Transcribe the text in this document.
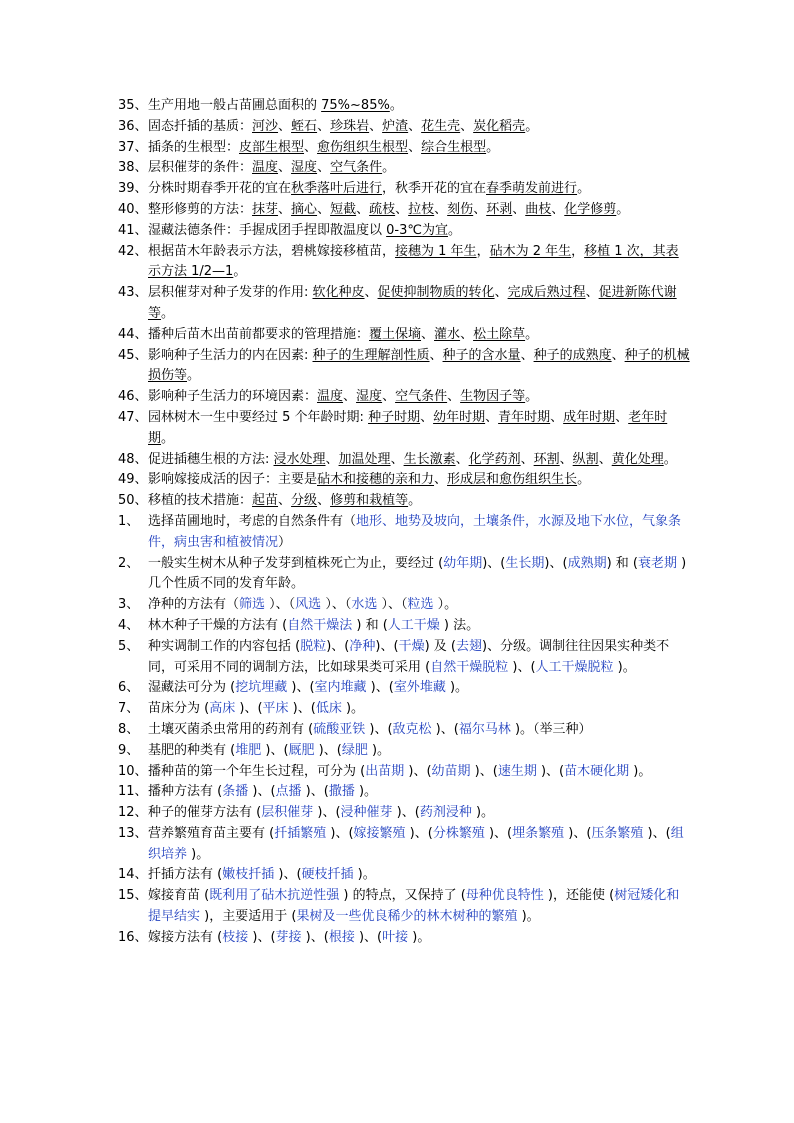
35、 生产用地一般占苗圃总面积的 75%~85%。

36、 固态扦插的基质：河沙、蛭石、珍珠岩、炉渣、花生壳、炭化稻壳。

37、 插条的生根型：皮部生根型、愈伤组织生根型、综合生根型。

38、 层积催芽的条件：温度、湿度、空气条件。

39、 分株时期春季开花的宜在秋季落叶后进行，秋季开花的宜在春季萌发前进行。

40、 整形修剪的方法：抹芽、摘心、短截、疏枝、拉枝、刻伤、环剥、曲枝、化学修剪。

41、 湿藏法德条件：手握成团手捏即散温度以 0-3℃为宜。

42、 根据苗木年龄表示方法，碧桃嫁接移植苗，接穗为 1 年生，砧木为 2 年生，移植 1 次，其表示方法 1/2—1。

43、 层积催芽对种子发芽的作用: 软化种皮、促使抑制物质的转化、完成后熟过程、促进新陈代谢等。

44、 播种后苗木出苗前都要求的管理措施：覆土保墒、灌水、松土除草。

45、 影响种子生活力的内在因素: 种子的生理解剖性质、种子的含水量、种子的成熟度、种子的机械损伤等。

46、 影响种子生活力的环境因素：温度、湿度、空气条件、生物因子等。

47、 园林树木一生中要经过 5 个年龄时期: 种子时期、幼年时期、青年时期、成年时期、老年时期。

48、 促进插穗生根的方法: 浸水处理、加温处理、生长激素、化学药剂、环割、纵割、黄化处理。

49、 影响嫁接成活的因子：主要是砧木和接穗的亲和力、形成层和愈伤组织生长。

50、 移植的技术措施：起苗、分级、修剪和栽植等。

1、 选择苗圃地时，考虑的自然条件有（地形、地势及坡向，土壤条件，水源及地下水位，气象条件，病虫害和植被情况）

2、 一般实生树木从种子发芽到植株死亡为止，要经过 (幼年期)、(生长期)、(成熟期) 和 (衰老期 ) 几个性质不同的发育年龄。

3、 净种的方法有（筛选 ）、（风选 ）、（水选 ）、（粒选 ）。

4、 林木种子干燥的方法有 (自然干燥法 ) 和 (人工干燥 ) 法。

5、 种实调制工作的内容包括 (脱粒)、(净种)、(干燥) 及 (去翅)、分级。调制往往因果实种类不同，可采用不同的调制方法，比如球果类可采用 (自然干燥脱粒 )、(人工干燥脱粒 )。

6、 湿藏法可分为 (挖坑埋藏 )、(室内堆藏 )、(室外堆藏 )。

7、 苗床分为 (高床 )、(平床 )、(低床 )。

8、 土壤灭菌杀虫常用的药剂有 (硫酸亚铁 )、(敌克松 )、(福尔马林 )。（举三种）

9、 基肥的种类有 (堆肥 )、(厩肥 )、(绿肥 )。

10、 播种苗的第一个年生长过程，可分为 (出苗期 )、(幼苗期 )、(速生期 )、(苗木硬化期 )。

11、 播种方法有 (条播 )、(点播 )、(撒播 )。

12、 种子的催芽方法有 (层积催芽 )、(浸种催芽 )、(药剂浸种 )。

13、 营养繁殖育苗主要有 (扦插繁殖 )、(嫁接繁殖 )、(分株繁殖 )、(埋条繁殖 )、(压条繁殖 )、(组织培养 )。

14、 扦插方法有 (嫩枝扦插 )、(硬枝扦插 )。

15、 嫁接育苗 (既利用了砧木抗逆性强 ) 的特点，又保持了 (母种优良特性 )，还能使 (树冠矮化和提早结实 )，主要适用于 (果树及一些优良稀少的林木树种的繁殖 )。

16、 嫁接方法有 (枝接 )、(芽接 )、(根接 )、(叶接 )。
